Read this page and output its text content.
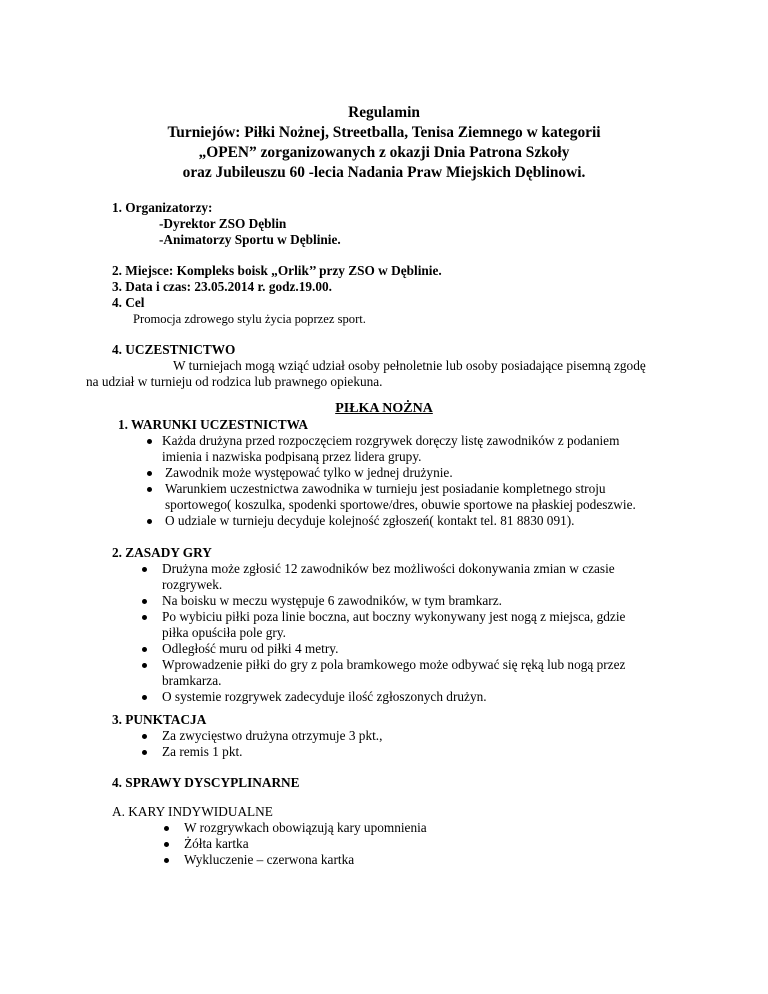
Regulamin
Turniejów: Piłki Nożnej, Streetballa, Tenisa Ziemnego w kategorii
„OPEN” zorganizowanych z okazji Dnia Patrona Szkoły
oraz Jubileuszu 60 -lecia Nadania Praw Miejskich Dęblinowi.
1. Organizatorzy:
-Dyrektor ZSO Dęblin
-Animatorzy Sportu w Dęblinie.
2. Miejsce: Kompleks boisk „Orlik’’ przy ZSO w Dęblinie.
3. Data i czas: 23.05.2014 r. godz.19.00.
4. Cel
Promocja zdrowego stylu życia poprzez sport.
4. UCZESTNICTWO
W turniejach mogą wziąć udział osoby pełnoletnie lub osoby posiadające pisemną zgodę
na udział w turnieju od rodzica lub prawnego opiekuna.
PIŁKA NOŻNA
1. WARUNKI UCZESTNICTWA
Każda drużyna przed rozpoczęciem rozgrywek doręczy listę zawodników z podaniem
imienia i nazwiska podpisaną przez lidera grupy.
Zawodnik może występować tylko w jednej drużynie.
Warunkiem uczestnictwa zawodnika w turnieju jest posiadanie kompletnego stroju
sportowego( koszulka, spodenki sportowe/dres, obuwie sportowe na płaskiej podeszwie.
O udziale w turnieju decyduje kolejność zgłoszeń( kontakt tel. 81 8830 091).
2. ZASADY GRY
Drużyna może zgłosić 12 zawodników bez możliwości dokonywania zmian w czasie
rozgrywek.
Na boisku w meczu występuje 6 zawodników, w tym bramkarz.
Po wybiciu piłki poza linie boczna, aut boczny wykonywany jest nogą z miejsca, gdzie
piłka opuściła pole gry.
Odległość muru od piłki 4 metry.
Wprowadzenie piłki do gry z pola bramkowego może odbywać się ręką lub nogą przez
bramkarza.
O systemie rozgrywek zadecyduje ilość zgłoszonych drużyn.
3. PUNKTACJA
Za zwycięstwo drużyna otrzymuje 3 pkt.,
Za remis 1 pkt.
4. SPRAWY DYSCYPLINARNE
A. KARY INDYWIDUALNE
W rozgrywkach obowiązują kary upomnienia
Żółta kartka
Wykluczenie – czerwona kartka
